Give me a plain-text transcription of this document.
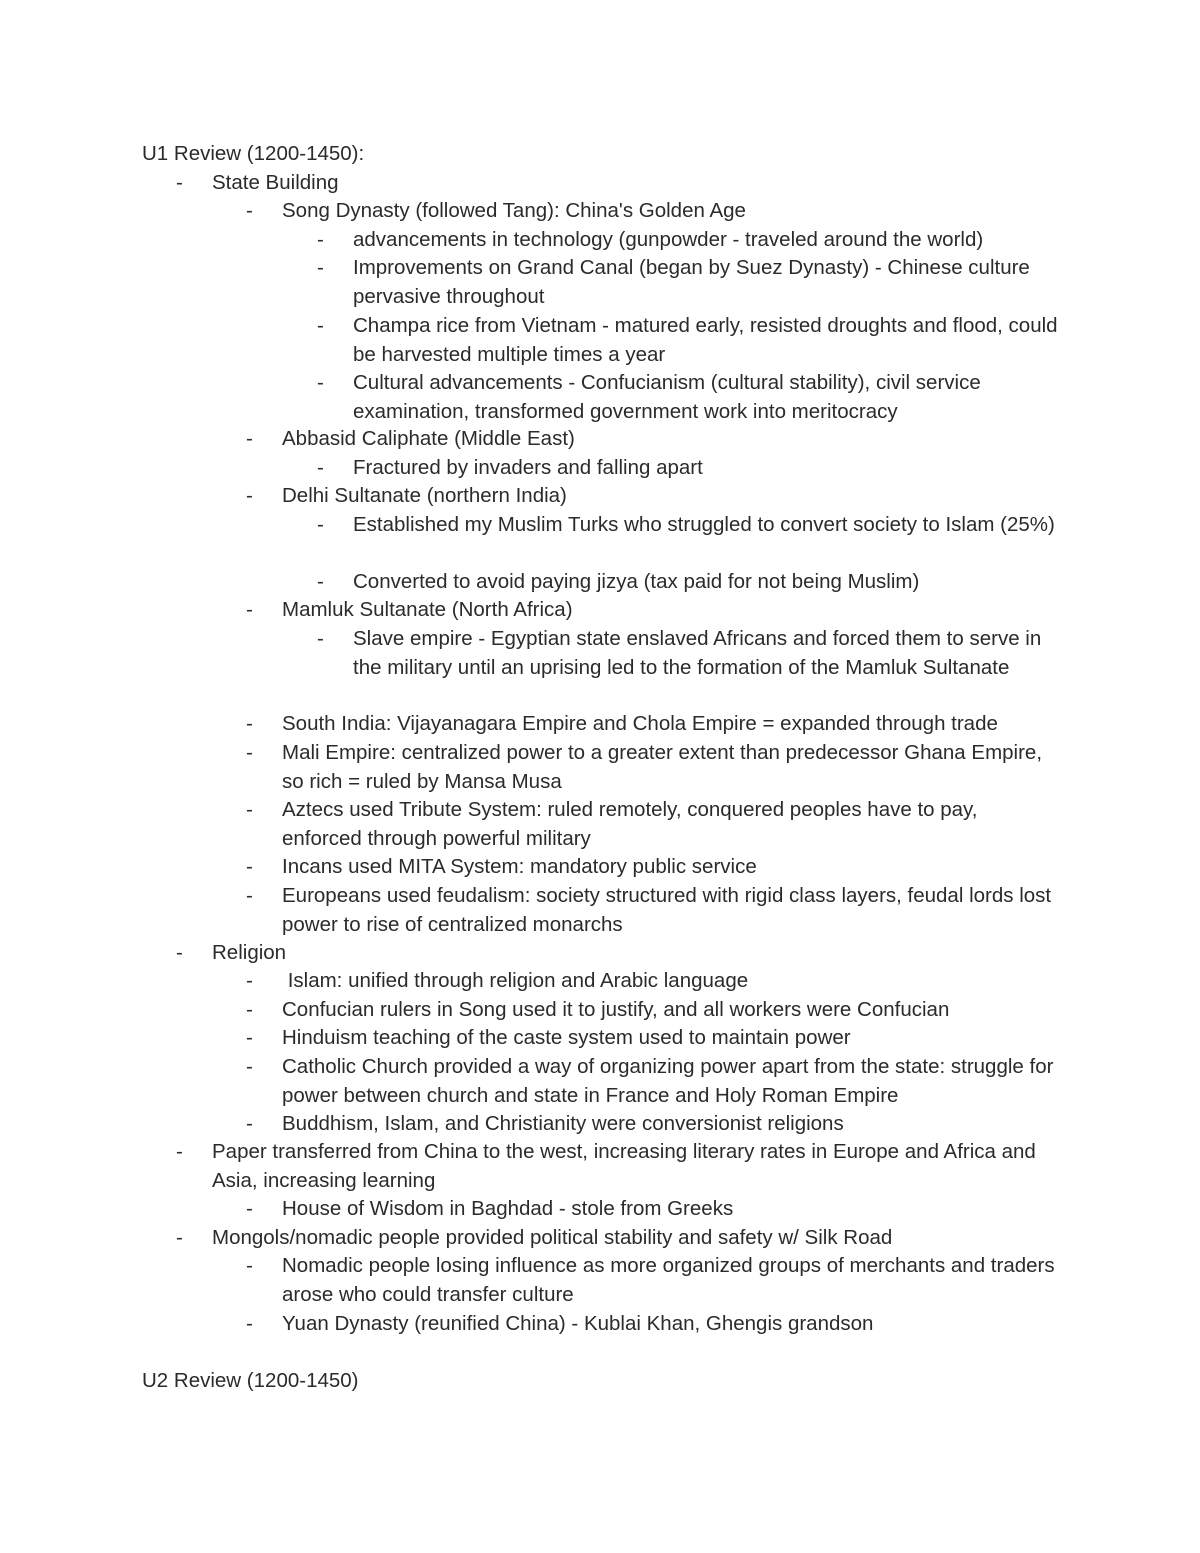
U1 Review (1200-1450):
- State Building
- Song Dynasty (followed Tang): China's Golden Age
- advancements in technology (gunpowder - traveled around the world)
- Improvements on Grand Canal (began by Suez Dynasty) - Chinese culture pervasive throughout
- Champa rice from Vietnam - matured early, resisted droughts and flood, could be harvested multiple times a year
- Cultural advancements - Confucianism (cultural stability), civil service examination, transformed government work into meritocracy
- Abbasid Caliphate (Middle East)
- Fractured by invaders and falling apart
- Delhi Sultanate (northern India)
- Established my Muslim Turks who struggled to convert society to Islam (25%)
- Converted to avoid paying jizya (tax paid for not being Muslim)
- Mamluk Sultanate (North Africa)
- Slave empire - Egyptian state enslaved Africans and forced them to serve in the military until an uprising led to the formation of the Mamluk Sultanate
- South India: Vijayanagara Empire and Chola Empire = expanded through trade
- Mali Empire: centralized power to a greater extent than predecessor Ghana Empire, so rich = ruled by Mansa Musa
- Aztecs used Tribute System: ruled remotely, conquered peoples have to pay, enforced through powerful military
- Incans used MITA System: mandatory public service
- Europeans used feudalism: society structured with rigid class layers, feudal lords lost power to rise of centralized monarchs
- Religion
- Islam: unified through religion and Arabic language
- Confucian rulers in Song used it to justify, and all workers were Confucian
- Hinduism teaching of the caste system used to maintain power
- Catholic Church provided a way of organizing power apart from the state: struggle for power between church and state in France and Holy Roman Empire
- Buddhism, Islam, and Christianity were conversionist religions
- Paper transferred from China to the west, increasing literary rates in Europe and Africa and Asia, increasing learning
- House of Wisdom in Baghdad - stole from Greeks
- Mongols/nomadic people provided political stability and safety w/ Silk Road
- Nomadic people losing influence as more organized groups of merchants and traders arose who could transfer culture
- Yuan Dynasty (reunified China) - Kublai Khan, Ghengis grandson
U2 Review (1200-1450)
